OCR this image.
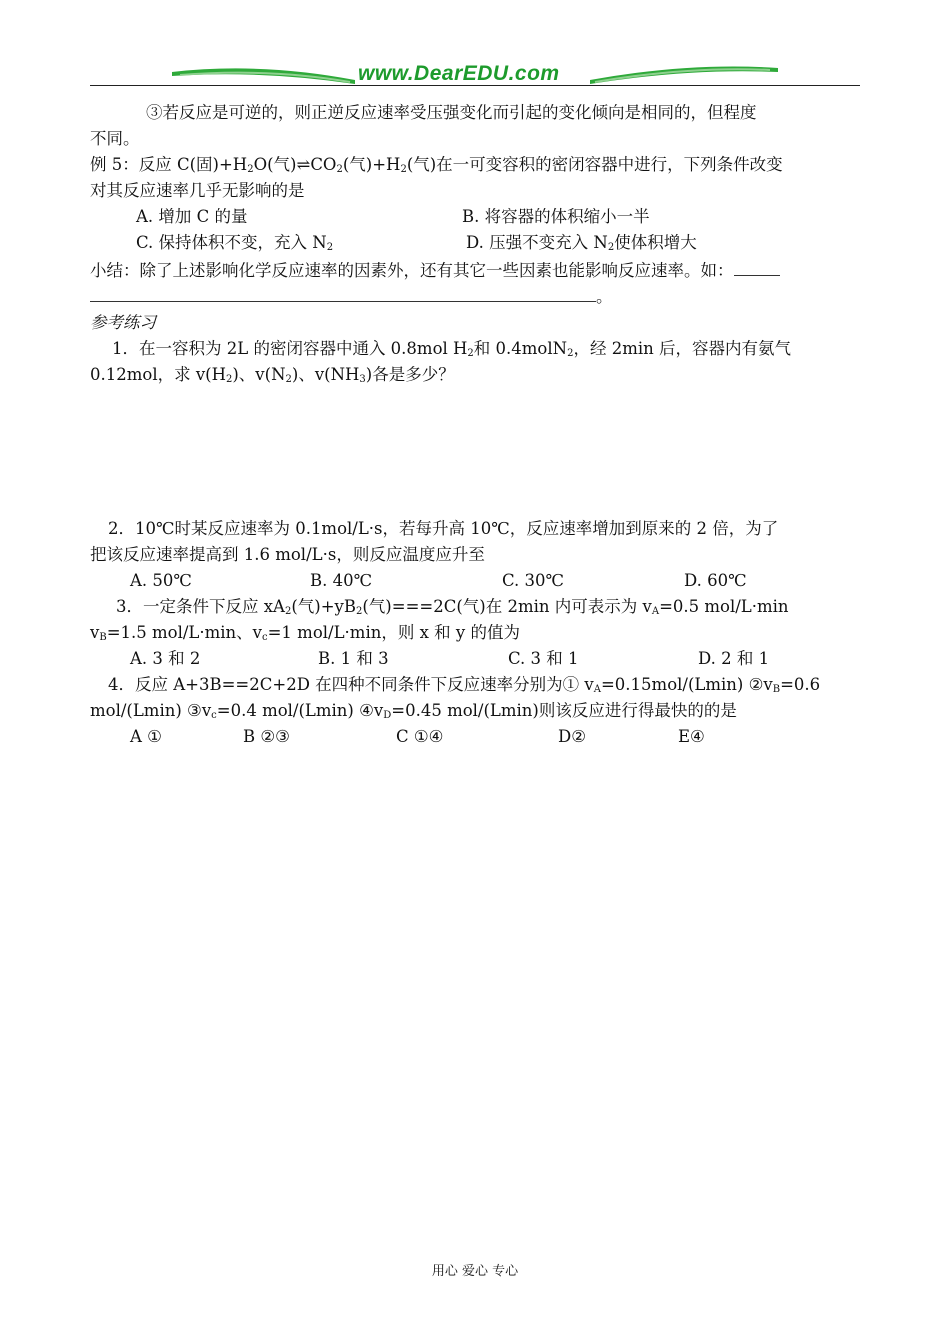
www.DearEDU.com
③若反应是可逆的，则正逆反应速率受压强变化而引起的变化倾向是相同的，但程度
不同。
例 5：反应 C(固)$+H_2O$(气)$\rightleftharpoons CO_2$(气)$+H_2$(气)在一可变容积的密闭容器中进行，下列条件改变
对其反应速率几乎无影响的是
A. 增加 C 的量	B. 将容器的体积缩小一半
C. 保持体积不变，充入 $N_2$	D. 压强不变充入 $N_2$使体积增大
小结：除了上述影响化学反应速率的因素外，还有其它一些因素也能影响反应速率。如：
。
参考练习
1．在一容积为 2L 的密闭容器中通入 0.8mol $H_2$和 0.4molN$_2$，经 2min 后，容器内有氨气
0.12mol，求 $v(H_2)$、$v(N_2)$、$v(NH_3)$各是多少？
2．10℃时某反应速率为 0.1mol/L·s，若每升高 10℃，反应速率增加到原来的 2 倍，为了
把该反应速率提高到 1.6 mol/L·s，则反应温度应升至
A. 50℃	B. 40℃	C. 30℃	D. 60℃
3．一定条件下反应 $xA_2$(气)$+yB_2$(气)===2C(气)在 2min 内可表示为 $v_A=0.5$ mol/L·min
$v_B=1.5$ mol/L·min、$v_c=1$ mol/L·min，则 x 和 y 的值为
A. 3 和 2	B. 1 和 3	C. 3 和 1	D. 2 和 1
4．反应 A+3B==2C+2D 在四种不同条件下反应速率分别为① $v_A=0.15mol/(Lmin)$ $②v_B=0.6$
mol/(Lmin) $③v_c=0.4$ mol/(Lmin) $④v_D=0.45$ mol/(Lmin)则该反应进行得最快的的是
A ①	B ②③	C ①④	D②	E④
用心 爱心 专心
